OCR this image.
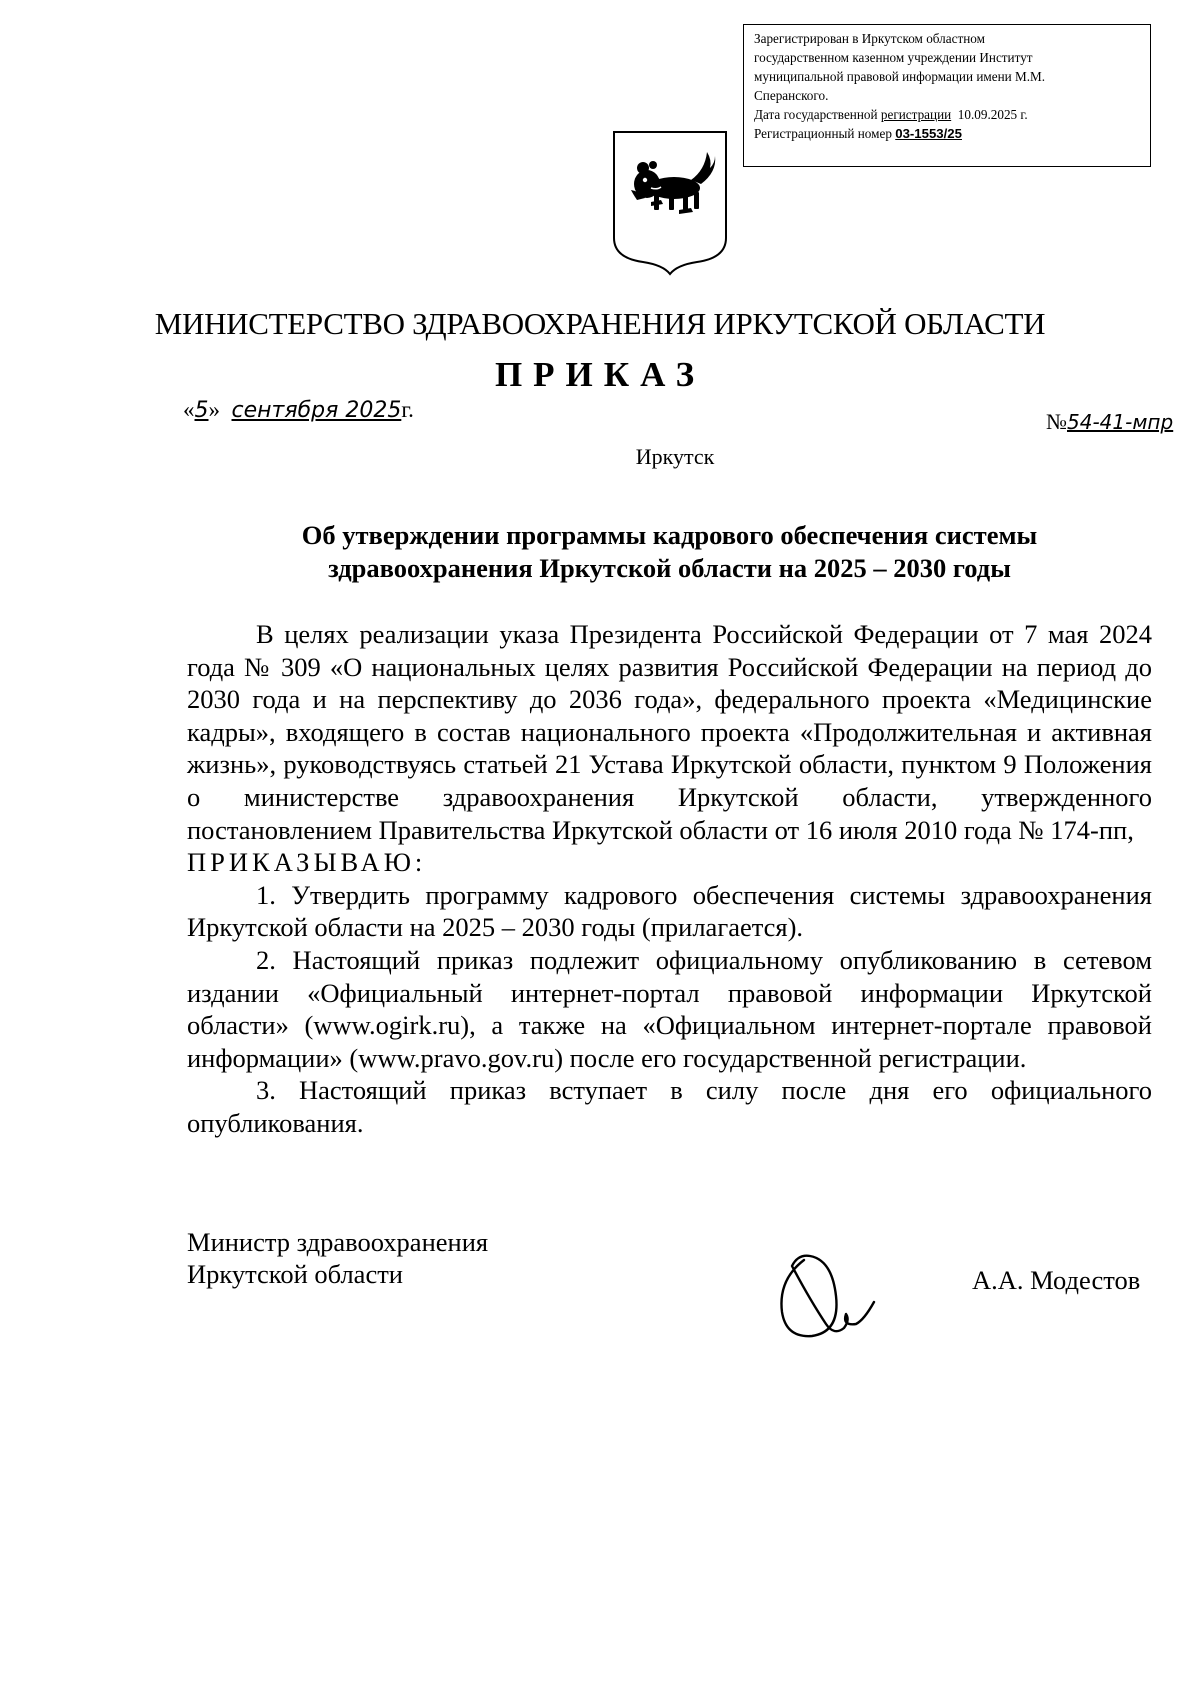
Зарегистрирован в Иркутском областном
государственном казенном учреждении Институт
муниципальной правовой информации имени М.М.
Сперанского.
Дата государственной регистрации 10.09.2025 г.
Регистрационный номер 03-1553/25
МИНИСТЕРСТВО ЗДРАВООХРАНЕНИЯ ИРКУТСКОЙ ОБЛАСТИ
ПРИКАЗ
«5» сентября 2025г.	№54-41-мпр
Иркутск
Об утверждении программы кадрового обеспечения системы
здравоохранения Иркутской области на 2025 – 2030 годы

В целях реализации указа Президента Российской Федерации от 7 мая 2024 года № 309 «О национальных целях развития Российской Федерации на период до 2030 года и на перспективу до 2036 года», федерального проекта «Медицинские кадры», входящего в состав национального проекта «Продолжительная и активная жизнь», руководствуясь статьей 21 Устава Иркутской области, пунктом 9 Положения о министерстве здравоохранения Иркутской области, утвержденного постановлением Правительства Иркутской области от 16 июля 2010 года № 174-пп,

ПРИКАЗЫВАЮ:

1. Утвердить программу кадрового обеспечения системы здравоохранения Иркутской области на 2025 – 2030 годы (прилагается).

2. Настоящий приказ подлежит официальному опубликованию в сетевом издании «Официальный интернет-портал правовой информации Иркутской области» (www.ogirk.ru), а также на «Официальном интернет-портале правовой информации» (www.pravo.gov.ru) после его государственной регистрации.

3. Настоящий приказ вступает в силу после дня его официального опубликования.

Министр здравоохранения
Иркутской области	А.А. Модестов
